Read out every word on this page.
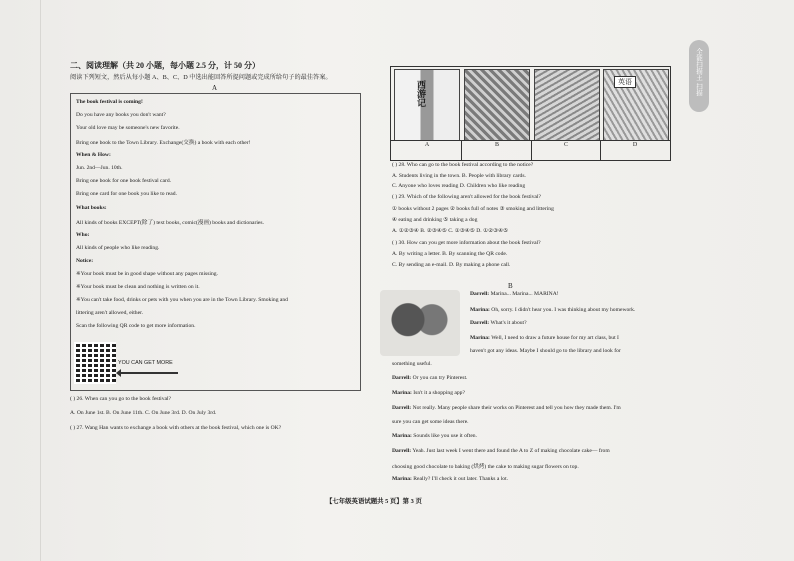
二、阅读理解（共 20 小题，每小题 2.5 分，计 50 分）
阅读下列短文，然后从每小题 A、B、C、D 中选出能回答所提问题或完成所给句子的最佳答案。
A
The book festival is coming!
Do you have any books you don't want?
Your old love may be someone's new favorite.
Bring one book to the Town Library. Exchange(交换) a book with each other!
When & How:
Jun. 2nd—Jun. 10th.
Bring one book for one book festival card.
Bring one card for one book you like to read.
What books:
All kinds of books EXCEPT(除了) text books, comic(漫画) books and dictionaries.
Who:
All kinds of people who like reading.
Notice:
※Your book must be in good shape without any pages missing.
※Your book must be clean and nothing is written on it.
※You can't take food, drinks or pets with you when you are in the Town Library. Smoking and
littering aren't allowed, either.
Scan the following QR code to get more information.
YOU CAN GET MORE
( ) 26. When can you go to the book festival?
A. On June 1st. B. On June 11th. C. On June 3rd. D. On July 3rd.
( ) 27. Wang Han wants to exchange a book with others at the book festival, which one is OK?
西游记	英语
A	B	C	D
( ) 28. Who can go to the book festival according to the notice?
A. Students living in the town. B. People with library cards.
C. Anyone who loves reading D. Children who like reading
( ) 29. Which of the following aren't allowed for the book festival?
① books without 2 pages ② books full of notes ③ smoking and littering
④ eating and drinking ⑤ taking a dog
A. ①②③④ B. ②③④⑤ C. ①③④⑤ D. ①②③④⑤
( ) 30. How can you get more information about the book festival?
A. By writing a letter. B. By scanning the QR code.
C. By sending an e-mail. D. By making a phone call.
B
Darrell: Marina... Marina... MARINA!
Marina: Oh, sorry. I didn't hear you. I was thinking about my homework.
Darrell: What's it about?
Marina: Well, I need to draw a future house for my art class, but I
haven't got any ideas. Maybe I should go to the library and look for
something useful.
Darrell: Or you can try Pinterest.
Marina: Isn't it a shopping app?
Darrell: Not really. Many people share their works on Pinterest and tell you how they made them. I'm
sure you can get some ideas there.
Marina: Sounds like you use it often.
Darrell: Yeah. Just last week I went there and found the A to Z of making chocolate cake— from
choosing good chocolate to baking (烘烤) the cake to making sugar flowers on top.
Marina: Really? I'll check it out later. Thanks a lot.
【七年级英语试题共 5 页】第 3 页
全能扫描王 扫描
